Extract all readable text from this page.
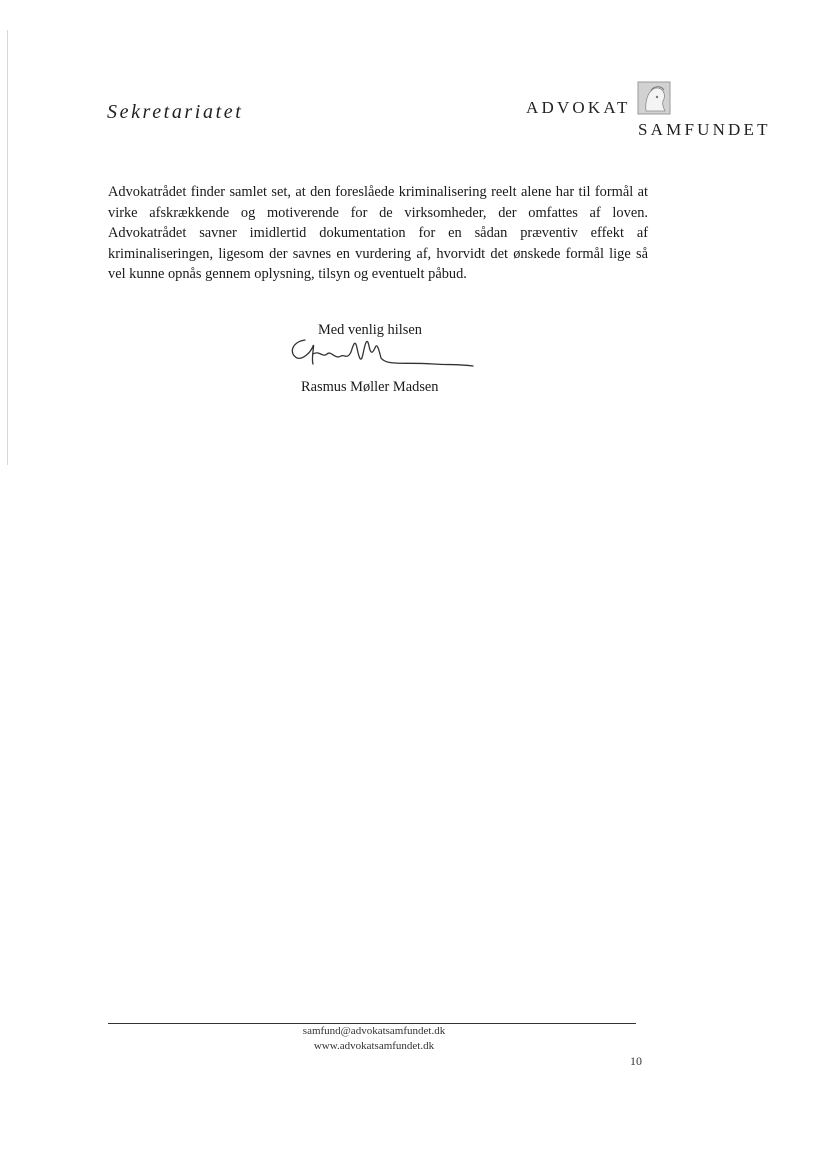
Sekretariatet	ADVOKAT
SAMFUNDET

Advokatrådet finder samlet set, at den foreslåede kriminalisering reelt alene har til formål at virke afskrækkende og motiverende for de virksomheder, der omfattes af loven. Advokatrådet savner imidlertid dokumentation for en sådan præventiv effekt af kriminaliseringen, ligesom der savnes en vurdering af, hvorvidt det ønskede formål lige så vel kunne opnås gennem oplysning, tilsyn og eventuelt påbud.

Med venlig hilsen
Rasmus Møller Madsen
samfund@advokatsamfundet.dk
www.advokatsamfundet.dk
10
